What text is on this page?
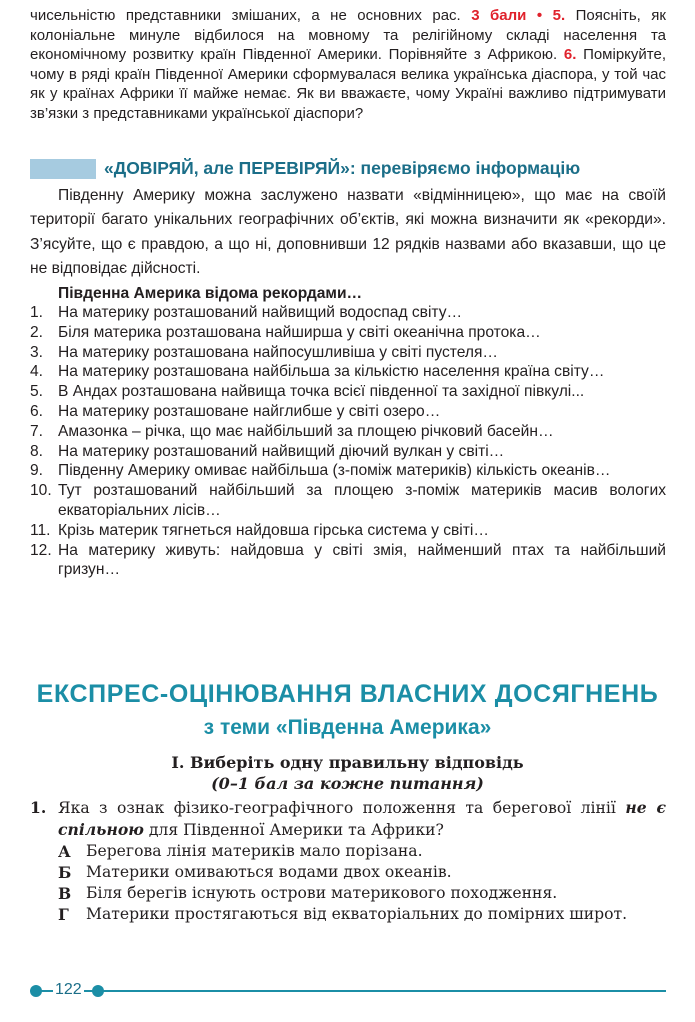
чисельністю представники змішаних, а не основних рас. 3 бали • 5. Поясніть, як колоніальне минуле відбилося на мовному та релігійному складі населення та економічному розвитку країн Південної Америки. Порівняйте з Африкою. 6. Поміркуйте, чому в ряді країн Південної Америки сформувалася велика українська діаспора, у той час як у країнах Африки її майже немає. Як ви вважаєте, чому Україні важливо підтримувати зв’язки з представниками української діаспори?
«ДОВІРЯЙ, але ПЕРЕВІРЯЙ»: перевіряємо інформацію
Південну Америку можна заслужено назвати «відмінницею», що має на своїй території багато унікальних географічних об’єктів, які можна визначити як «рекорди». З’ясуйте, що є правдою, а що ні, доповнивши 12 рядків назвами або вказавши, що це не відповідає дійсності.
Південна Америка відома рекордами…
1. На материку розташований найвищий водоспад світу…
2. Біля материка розташована найширша у світі океанічна протока…
3. На материку розташована найпосушливіша у світі пустеля…
4. На материку розташована найбільша за кількістю населення країна світу…
5. В Андах розташована найвища точка всієї південної та західної півкулі...
6. На материку розташоване найглибше у світі озеро…
7. Амазонка – річка, що має найбільший за площею річковий басейн…
8. На материку розташований найвищий діючий вулкан у світі…
9. Південну Америку омиває найбільша (з-поміж материків) кількість океанів…
10. Тут розташований найбільший за площею з-поміж материків масив вологих екваторіальних лісів…
11. Крізь материк тягнеться найдовша гірська система у світі…
12. На материку живуть: найдовша у світі змія, найменший птах та найбільший гризун…
ЕКСПРЕС-ОЦІНЮВАННЯ ВЛАСНИХ ДОСЯГНЕНЬ
з теми «Південна Америка»
I. Виберіть одну правильну відповідь
(0–1 бал за кожне питання)
1. Яка з ознак фізико-географічного положення та берегової лінії не є спільною для Південної Америки та Африки?
А Берегова лінія материків мало порізана.
Б Материки омиваються водами двох океанів.
В Біля берегів існують острови материкового походження.
Г	Материки простягаються від екваторіальних до помірних широт.
122
